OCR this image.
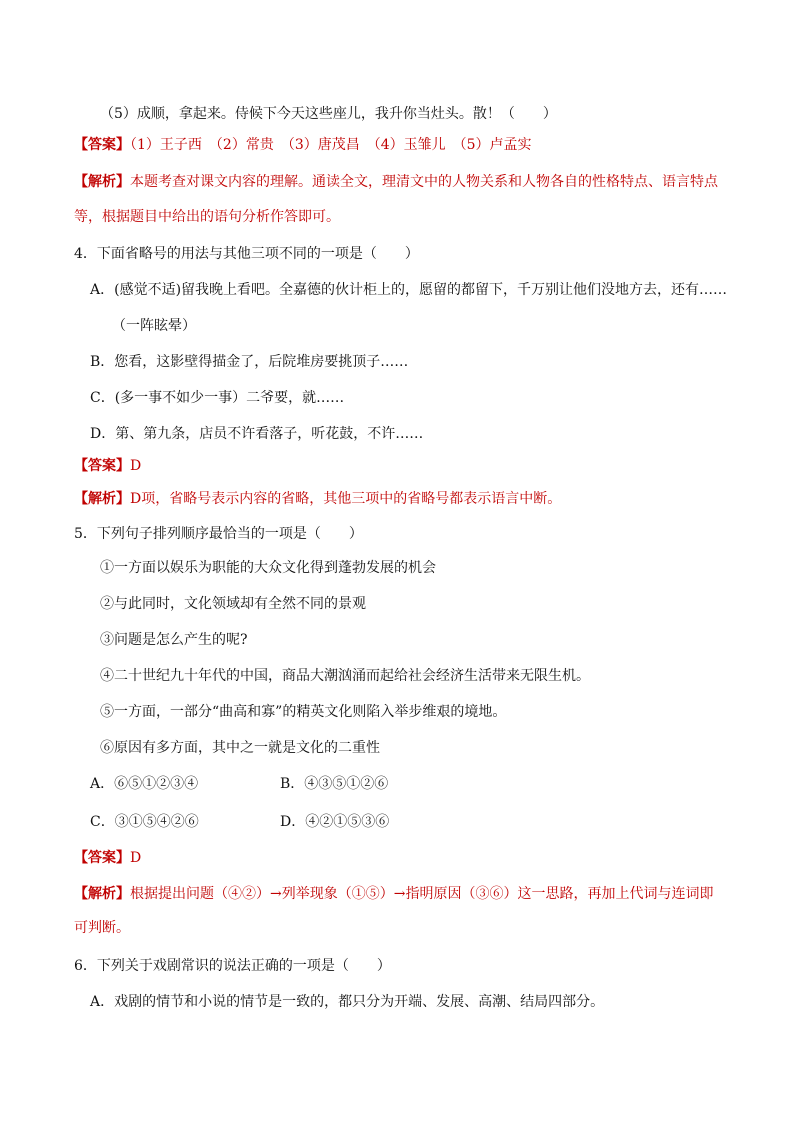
（5）成顺，拿起来。侍候下今天这些座儿，我升你当灶头。散！（　　）
【答案】（1）王子西　（2）常贵　（3）唐茂昌　（4）玉雏儿　（5）卢孟实
【解析】本题考查对课文内容的理解。通读全文，理清文中的人物关系和人物各自的性格特点、语言特点
等，根据题目中给出的语句分析作答即可。
4．下面省略号的用法与其他三项不同的一项是（　　）
A．(感觉不适)留我晚上看吧。全嘉德的伙计柜上的，愿留的都留下，千万别让他们没地方去，还有……
（一阵眩晕）
B．您看，这影壁得描金了，后院堆房要挑顶子……
C．(多一事不如少一事）二爷要，就……
D．第、第九条，店员不许看落子，听花鼓，不许……
【答案】D
【解析】D项，省略号表示内容的省略，其他三项中的省略号都表示语言中断。
5．下列句子排列顺序最恰当的一项是（　　）
①一方面以娱乐为职能的大众文化得到蓬勃发展的机会
②与此同时，文化领域却有全然不同的景观
③问题是怎么产生的呢?
④二十世纪九十年代的中国，商品大潮汹涌而起给社会经济生活带来无限生机。
⑤一方面，一部分“曲高和寡”的精英文化则陷入举步维艰的境地。
⑥原因有多方面，其中之一就是文化的二重性
A．⑥⑤①②③④	B．④③⑤①②⑥
C．③①⑤④②⑥	D．④②①⑤③⑥
【答案】D
【解析】根据提出问题（④②）→列举现象（①⑤）→指明原因（③⑥）这一思路，再加上代词与连词即
可判断。
6．下列关于戏剧常识的说法正确的一项是（　　）
A．戏剧的情节和小说的情节是一致的，都只分为开端、发展、高潮、结局四部分。
